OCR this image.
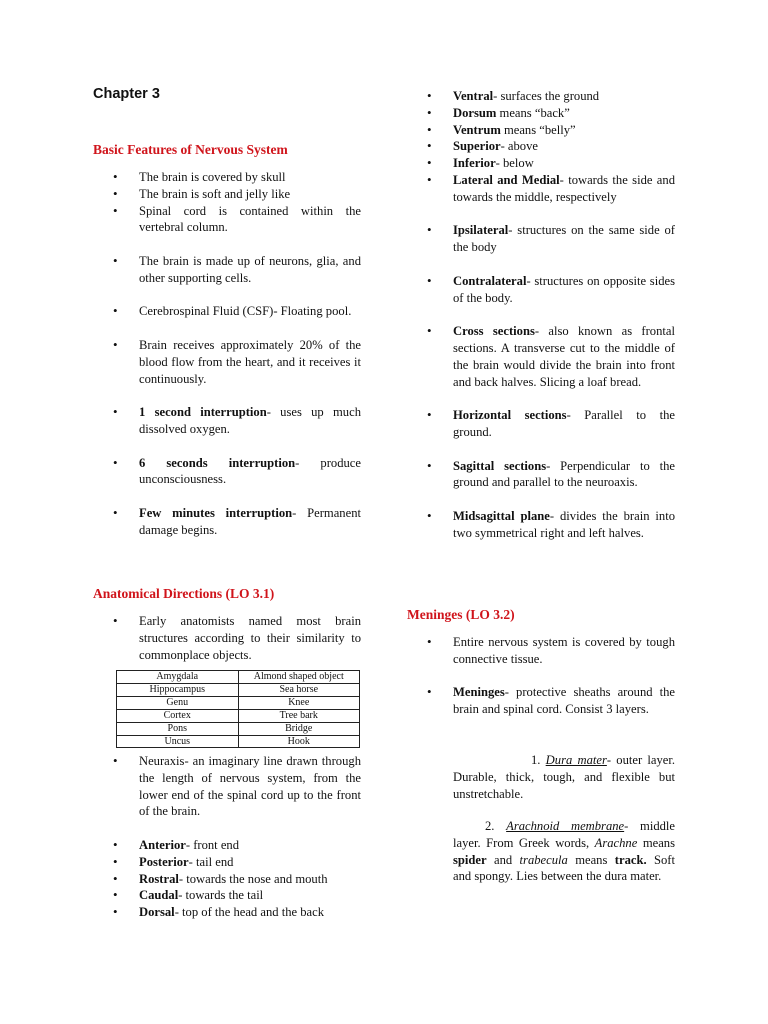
Chapter 3
Basic Features of Nervous System
• The brain is covered by skull
• The brain is soft and jelly like
• Spinal cord is contained within the vertebral column.
• The brain is made up of neurons, glia, and other supporting cells.
• Cerebrospinal Fluid (CSF)- Floating pool.
• Brain receives approximately 20% of the blood flow from the heart, and it receives it continuously.
• 1 second interruption- uses up much dissolved oxygen.
• 6 seconds interruption- produce unconsciousness.
• Few minutes interruption- Permanent damage begins.
Anatomical Directions (LO 3.1)
• Early anatomists named most brain structures according to their similarity to commonplace objects.
Amygdala	Almond shaped object
Hippocampus	Sea horse
Genu	Knee
Cortex	Tree bark
Pons	Bridge
Uncus	Hook
• Neuraxis- an imaginary line drawn through the length of nervous system, from the lower end of the spinal cord up to the front of the brain.
• Anterior- front end
• Posterior- tail end
• Rostral- towards the nose and mouth
• Caudal- towards the tail
• Dorsal- top of the head and the back
• Ventral- surfaces the ground
• Dorsum means “back”
• Ventrum means “belly”
• Superior- above
• Inferior- below
• Lateral and Medial- towards the side and towards the middle, respectively
• Ipsilateral- structures on the same side of the body
• Contralateral- structures on opposite sides of the body.
• Cross sections- also known as frontal sections. A transverse cut to the middle of the brain would divide the brain into front and back halves. Slicing a loaf bread.
• Horizontal sections- Parallel to the ground.
• Sagittal sections- Perpendicular to the ground and parallel to the neuroaxis.
• Midsagittal plane- divides the brain into two symmetrical right and left halves.
Meninges (LO 3.2)
• Entire nervous system is covered by tough connective tissue.
• Meninges- protective sheaths around the brain and spinal cord. Consist 3 layers.
1. Dura mater- outer layer. Durable, thick, tough, and flexible but unstretchable.
2. Arachnoid membrane- middle layer. From Greek words, Arachne means spider and trabecula means track. Soft and spongy. Lies between the dura mater.
